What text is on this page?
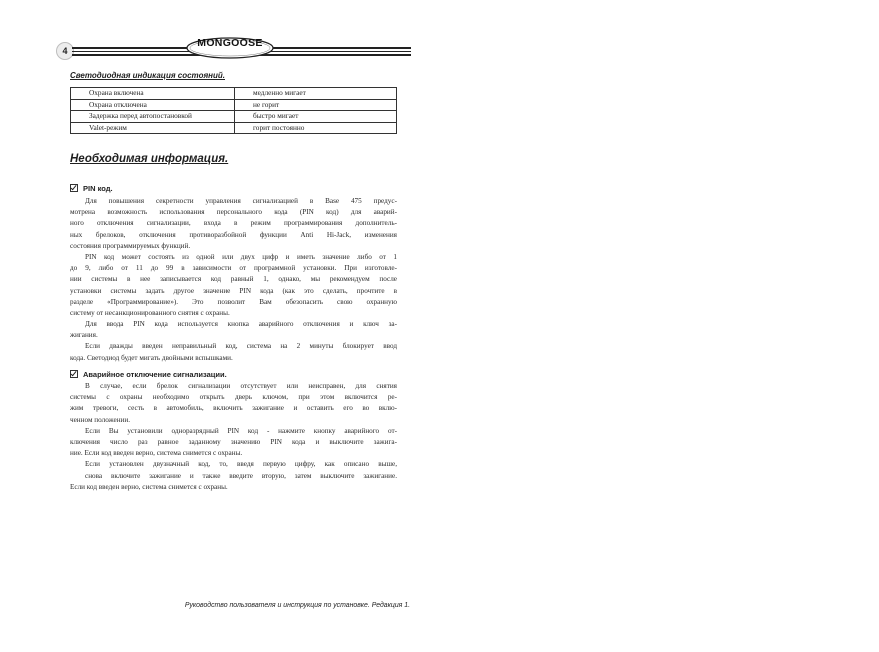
4
MONGOOSE
Светодиодная индикация состояний.
Охрана включена	медленно мигает
Охрана отключена	не горит
Задержка перед автопостановкой	быстро мигает
Valet-режим	горит постоянно
Необходимая информация.
PIN код.
Для повышения секретности управления сигнализацией в Base 475 предус-
мотрена возможность использования персонального кода (PIN код) для аварий-
ного отключения сигнализации, входа в режим программирования дополнитель-
ных брелоков, отключения противоразбойной функции Anti Hi-Jack, изменения
состояния программируемых функций.
PIN код может состоять из одной или двух цифр и иметь значение либо от 1
до 9, либо от 11 до 99 в зависимости от программной установки. При изготовле-
нии системы в нее записывается код равный 1, однако, мы рекомендуем после
установки системы задать другое значение PIN кода (как это сделать, прочтите в
разделе «Программирование»). Это позволит Вам обезопасить свою охранную
систему от несанкционированного снятия с охраны.
Для ввода PIN кода используется кнопка аварийного отключения и ключ за-
жигания.
Если дважды введен неправильный код, система на 2 минуты блокирует ввод
кода. Светодиод будет мигать двойными вспышками.
Аварийное отключение сигнализации.
В случае, если брелок сигнализации отсутствует или неисправен, для снятия
системы с охраны необходимо открыть дверь ключом, при этом включится ре-
жим тревоги, сесть в автомобиль, включить зажигание и оставить его во вклю-
ченном положении.
Если Вы установили одноразрядный PIN код - нажмите кнопку аварийного от-
ключения число раз равное заданному значению PIN кода и выключите зажига-
ние. Если код введен верно, система снимется с охраны.
Если установлен двузначный код, то, введя первую цифру, как описано выше,
снова включите зажигание и также введите вторую, затем выключите зажигание.
Если код введен верно, система снимется с охраны.
Руководство пользователя и инструкция по установке. Редакция 1.
